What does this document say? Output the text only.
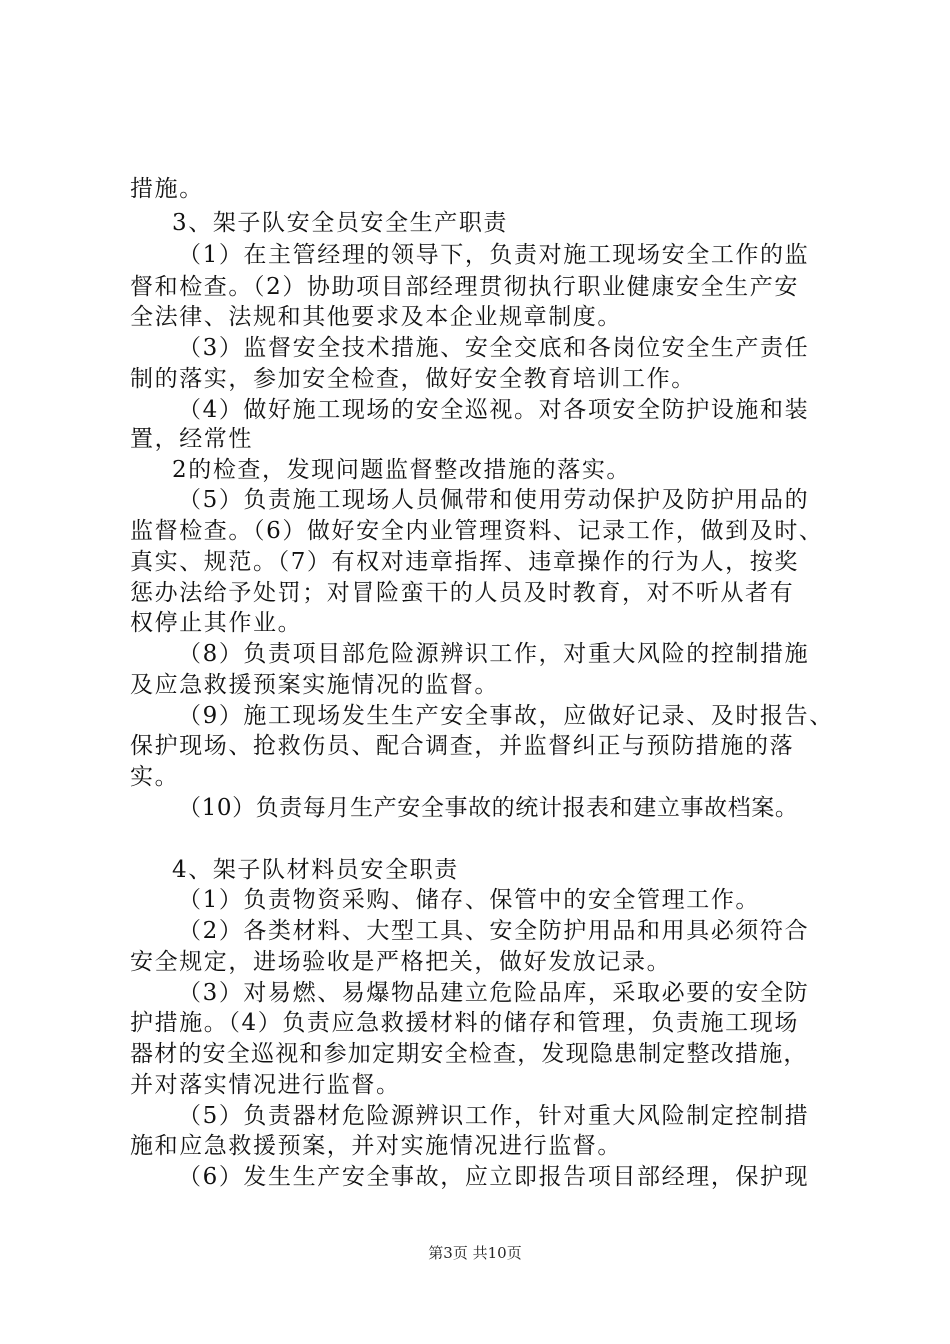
措施。
3、架子队安全员安全生产职责
（1）在主管经理的领导下，负责对施工现场安全工作的监
督和检查。（2）协助项目部经理贯彻执行职业健康安全生产安
全法律、法规和其他要求及本企业规章制度。
（3）监督安全技术措施、安全交底和各岗位安全生产责任
制的落实，参加安全检查，做好安全教育培训工作。
（4）做好施工现场的安全巡视。对各项安全防护设施和装
置，经常性
2的检查，发现问题监督整改措施的落实。
（5）负责施工现场人员佩带和使用劳动保护及防护用品的
监督检查。（6）做好安全内业管理资料、记录工作，做到及时、
真实、规范。（7）有权对违章指挥、违章操作的行为人，按奖
惩办法给予处罚；对冒险蛮干的人员及时教育，对不听从者有
权停止其作业。
（8）负责项目部危险源辨识工作，对重大风险的控制措施
及应急救援预案实施情况的监督。
（9）施工现场发生生产安全事故，应做好记录、及时报告、
保护现场、抢救伤员、配合调查，并监督纠正与预防措施的落
实。
（10）负责每月生产安全事故的统计报表和建立事故档案。
4、架子队材料员安全职责
（1）负责物资采购、储存、保管中的安全管理工作。
（2）各类材料、大型工具、安全防护用品和用具必须符合
安全规定，进场验收是严格把关，做好发放记录。
（3）对易燃、易爆物品建立危险品库，采取必要的安全防
护措施。（4）负责应急救援材料的储存和管理，负责施工现场
器材的安全巡视和参加定期安全检查，发现隐患制定整改措施，
并对落实情况进行监督。
（5）负责器材危险源辨识工作，针对重大风险制定控制措
施和应急救援预案，并对实施情况进行监督。
（6）发生生产安全事故，应立即报告项目部经理，保护现
第3页 共10页
